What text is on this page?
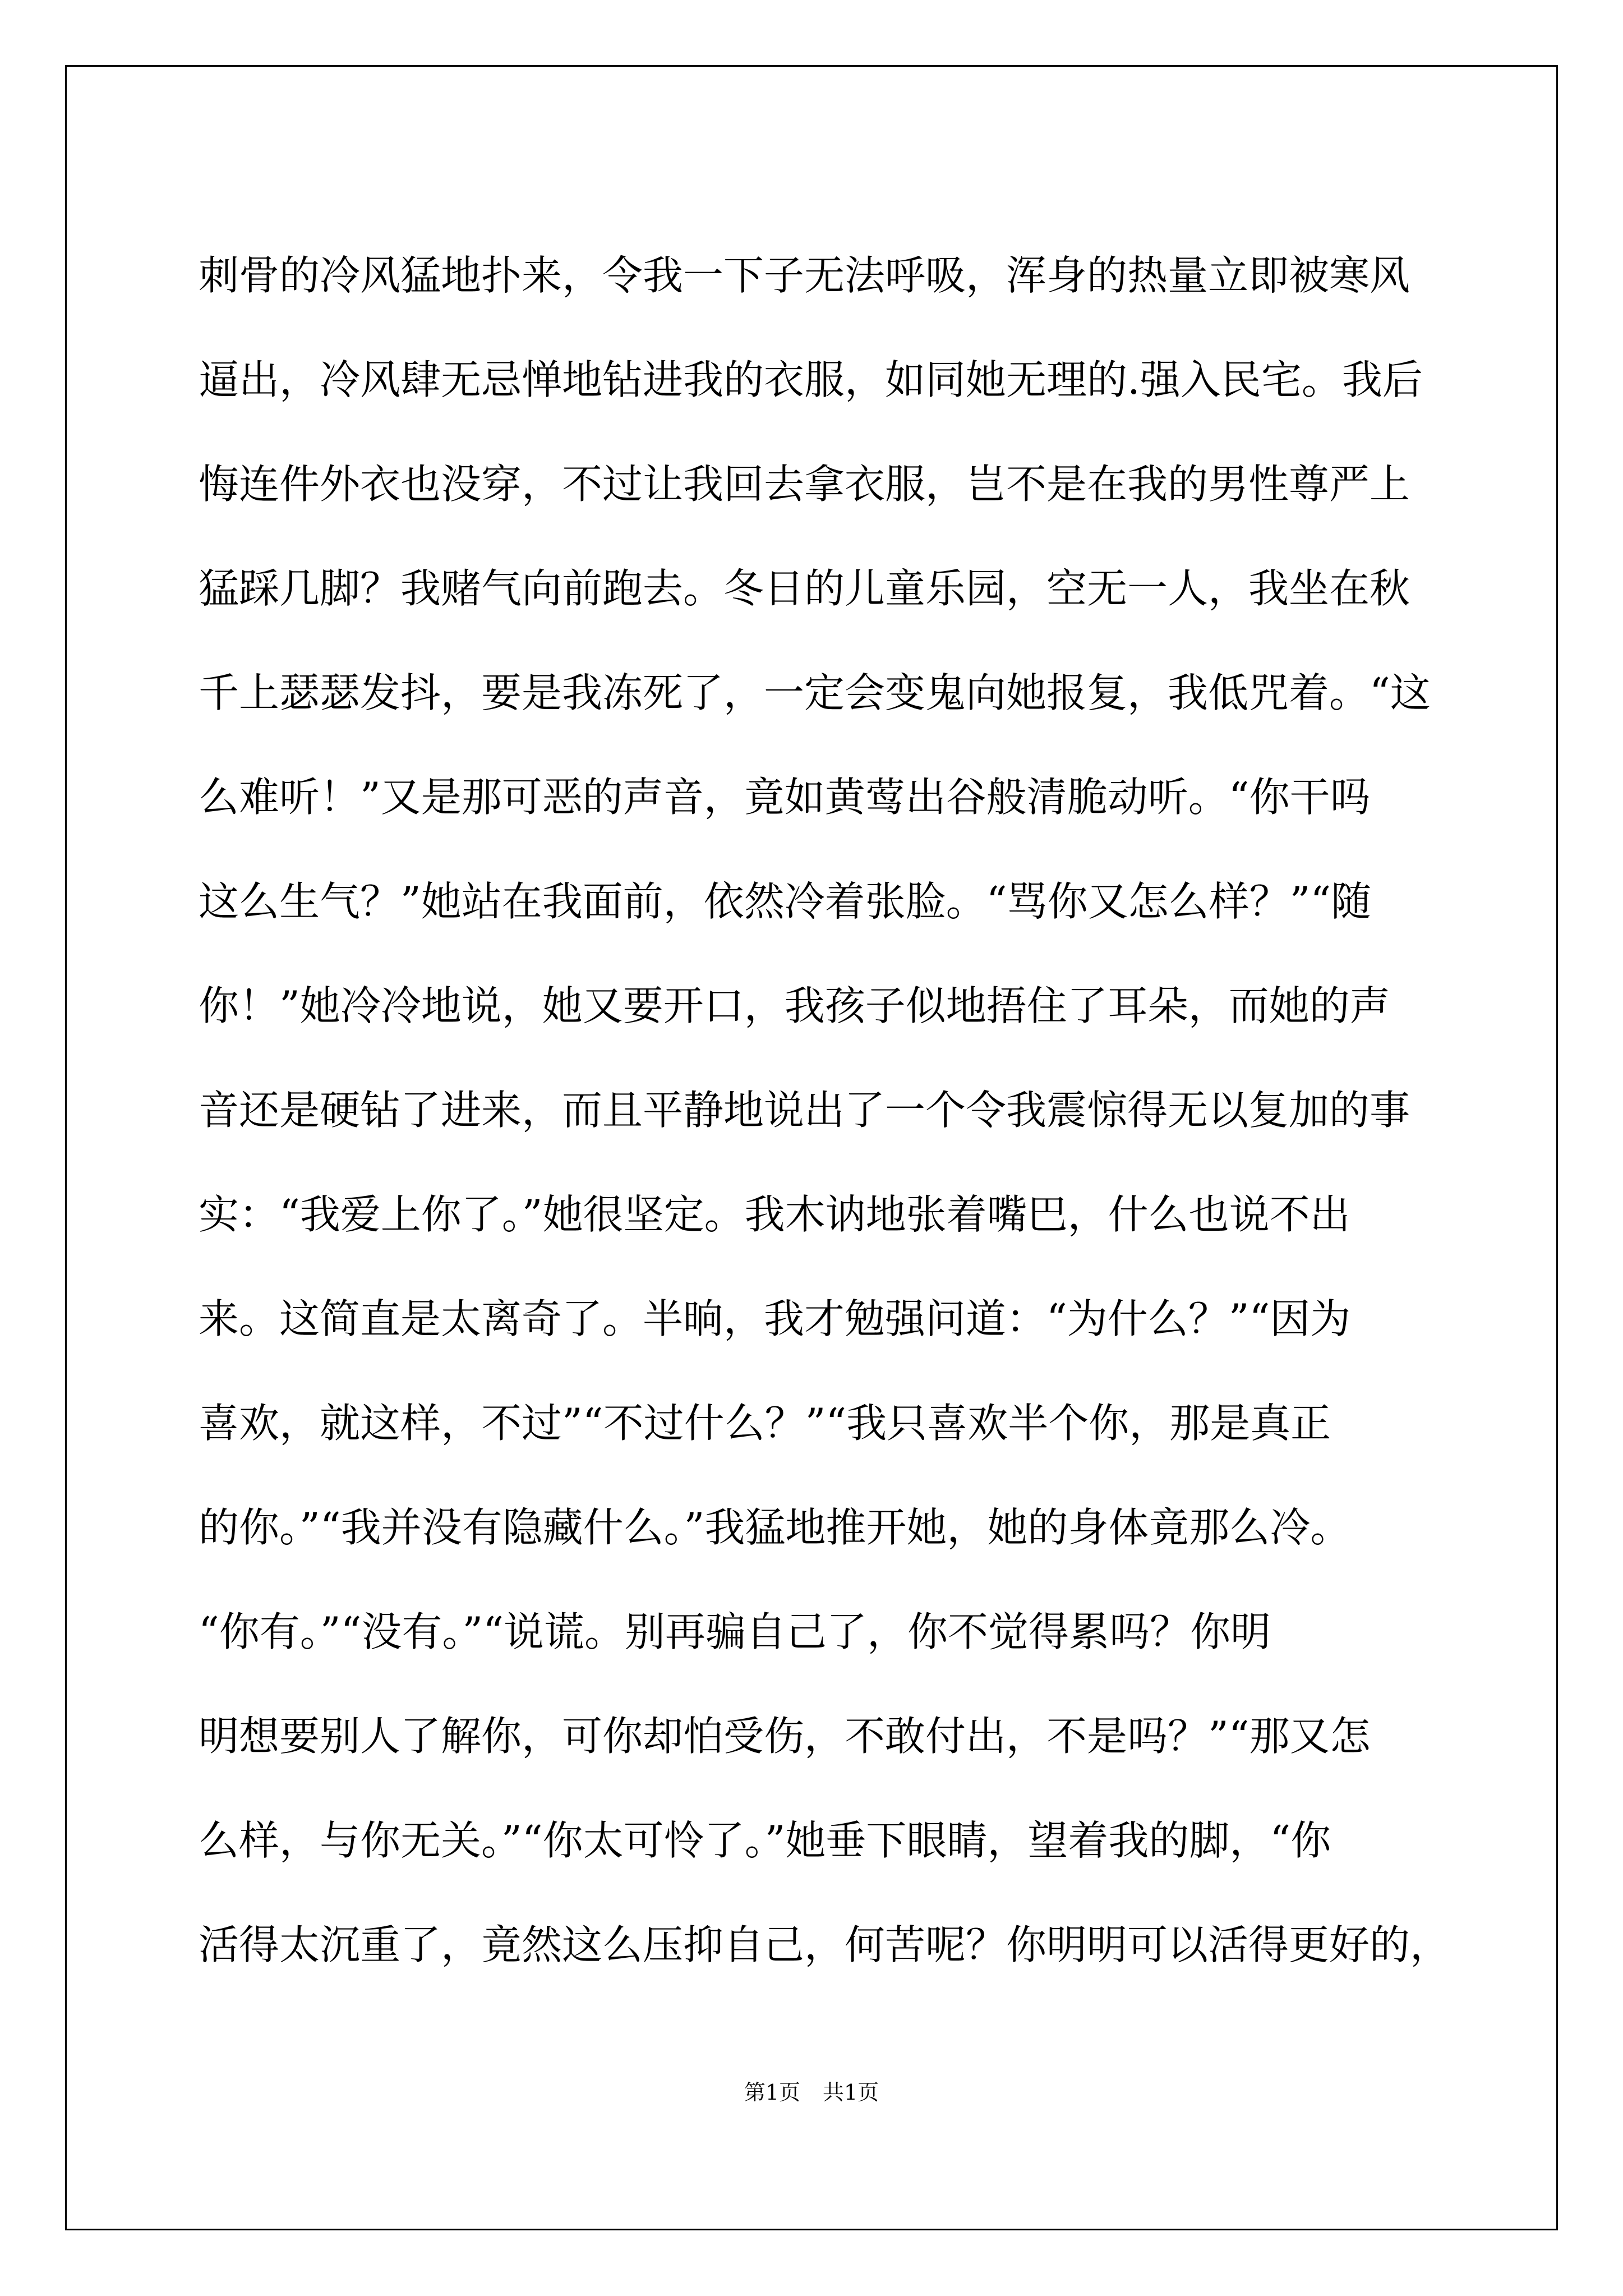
刺骨的冷风猛地扑来，令我一下子无法呼吸，浑身的热量立即被寒风
逼出，冷风肆无忌惮地钻进我的衣服，如同她无理的.强入民宅。我后
悔连件外衣也没穿，不过让我回去拿衣服，岂不是在我的男性尊严上
猛踩几脚？我赌气向前跑去。冬日的儿童乐园，空无一人，我坐在秋
千上瑟瑟发抖，要是我冻死了，一定会变鬼向她报复，我低咒着。“这
么难听！”又是那可恶的声音，竟如黄莺出谷般清脆动听。“你干吗
这么生气？”她站在我面前，依然冷着张脸。“骂你又怎么样？”“随
你！”她冷冷地说，她又要开口，我孩子似地捂住了耳朵，而她的声
音还是硬钻了进来，而且平静地说出了一个令我震惊得无以复加的事
实：“我爱上你了。”她很坚定。我木讷地张着嘴巴，什么也说不出
来。这简直是太离奇了。半晌，我才勉强问道：“为什么？”“因为
喜欢，就这样，不过”“不过什么？”“我只喜欢半个你，那是真正
的你。”“我并没有隐藏什么。”我猛地推开她，她的身体竟那么冷。
“你有。”“没有。”“说谎。别再骗自己了，你不觉得累吗？你明
明想要别人了解你，可你却怕受伤，不敢付出，不是吗？”“那又怎
么样，与你无关。”“你太可怜了。”她垂下眼睛，望着我的脚，“你
活得太沉重了，竟然这么压抑自己，何苦呢？你明明可以活得更好的，
第1页 共1页
